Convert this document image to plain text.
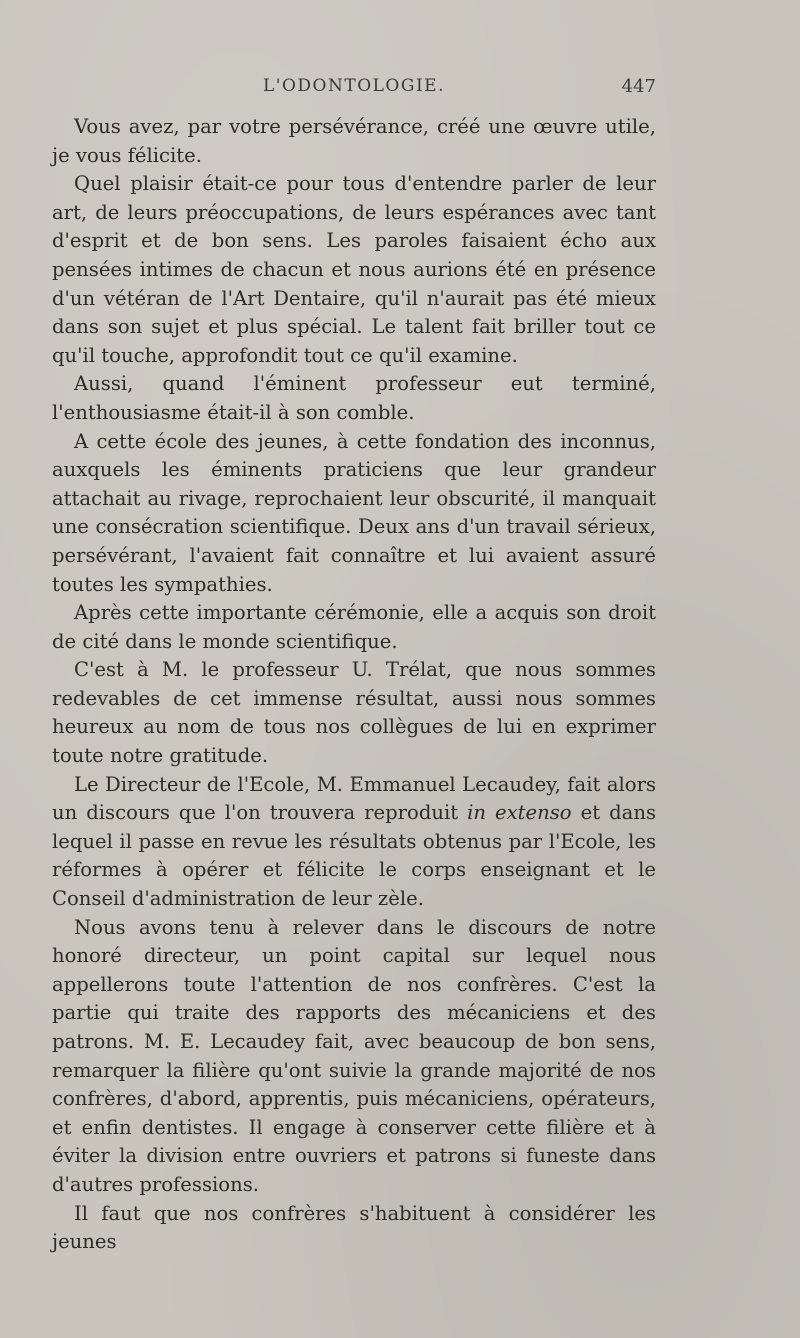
L'ODONTOLOGIE.	447

Vous avez, par votre persévérance, créé une œuvre utile, je vous félicite.

Quel plaisir était-ce pour tous d'entendre parler de leur art, de leurs préoccupations, de leurs espérances avec tant d'esprit et de bon sens. Les paroles faisaient écho aux pensées intimes de chacun et nous aurions été en présence d'un vétéran de l'Art Dentaire, qu'il n'aurait pas été mieux dans son sujet et plus spécial. Le talent fait briller tout ce qu'il touche, approfondit tout ce qu'il examine.

Aussi, quand l'éminent professeur eut terminé, l'enthousiasme était-il à son comble.

A cette école des jeunes, à cette fondation des inconnus, auxquels les éminents praticiens que leur grandeur attachait au rivage, reprochaient leur obscurité, il manquait une consécration scientifique. Deux ans d'un travail sérieux, persévérant, l'avaient fait connaître et lui avaient assuré toutes les sympathies.

Après cette importante cérémonie, elle a acquis son droit de cité dans le monde scientifique.

C'est à M. le professeur U. Trélat, que nous sommes redevables de cet immense résultat, aussi nous sommes heureux au nom de tous nos collègues de lui en exprimer toute notre gratitude.

Le Directeur de l'Ecole, M. Emmanuel Lecaudey, fait alors un discours que l'on trouvera reproduit in extenso et dans lequel il passe en revue les résultats obtenus par l'Ecole, les réformes à opérer et félicite le corps enseignant et le Conseil d'administration de leur zèle.

Nous avons tenu à relever dans le discours de notre honoré directeur, un point capital sur lequel nous appellerons toute l'attention de nos confrères. C'est la partie qui traite des rapports des mécaniciens et des patrons. M. E. Lecaudey fait, avec beaucoup de bon sens, remarquer la filière qu'ont suivie la grande majorité de nos confrères, d'abord, apprentis, puis mécaniciens, opérateurs, et enfin dentistes. Il engage à conserver cette filière et à éviter la division entre ouvriers et patrons si funeste dans d'autres professions.

Il faut que nos confrères s'habituent à considérer les jeunes
